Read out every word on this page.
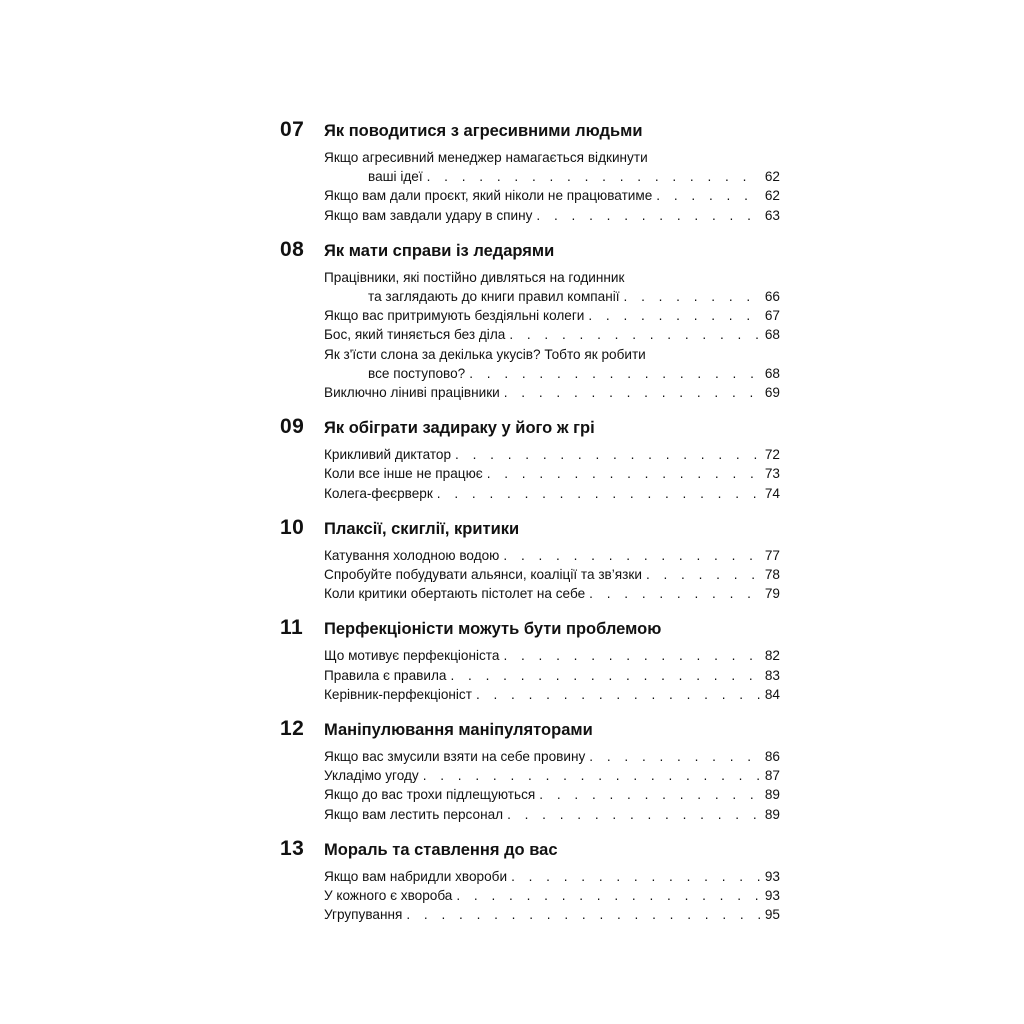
07	Як поводитися з агресивними людьми
Якщо агресивний менеджер намагається відкинути
ваші ідеї . . .	62
Якщо вам дали проєкт, який ніколи не працюватиме . . .	62
Якщо вам завдали удару в спину . . .	63
08	Як мати справи із ледарями
Працівники, які постійно дивляться на годинник
та заглядають до книги правил компанії . . .	66
Якщо вас притримують бездіяльні колеги . . .	67
Бос, який тиняється без діла . . .	68
Як з'їсти слона за декілька укусів? Тобто як робити
все поступово? . . .	68
Виключно ліниві працівники . . .	69
09	Як обіграти задираку у його ж грі
Крикливий диктатор . . .	72
Коли все інше не працює . . .	73
Колега-феєрверк . . .	74
10	Плаксії, скиглії, критики
Катування холодною водою . . .	77
Спробуйте побудувати альянси, коаліції та зв’язки . . .	78
Коли критики обертають пістолет на себе . . .	79
11	Перфекціоністи можуть бути проблемою
Що мотивує перфекціоніста . . .	82
Правила є правила . . .	83
Керівник-перфекціоніст . . .	84
12	Маніпулювання маніпуляторами
Якщо вас змусили взяти на себе провину . . .	86
Укладімо угоду . . .	87
Якщо до вас трохи підлещуються . . .	89
Якщо вам лестить персонал . . .	89
13	Мораль та ставлення до вас
Якщо вам набридли хвороби . . .	93
У кожного є хвороба . . .	93
Угрупування . . .	95
